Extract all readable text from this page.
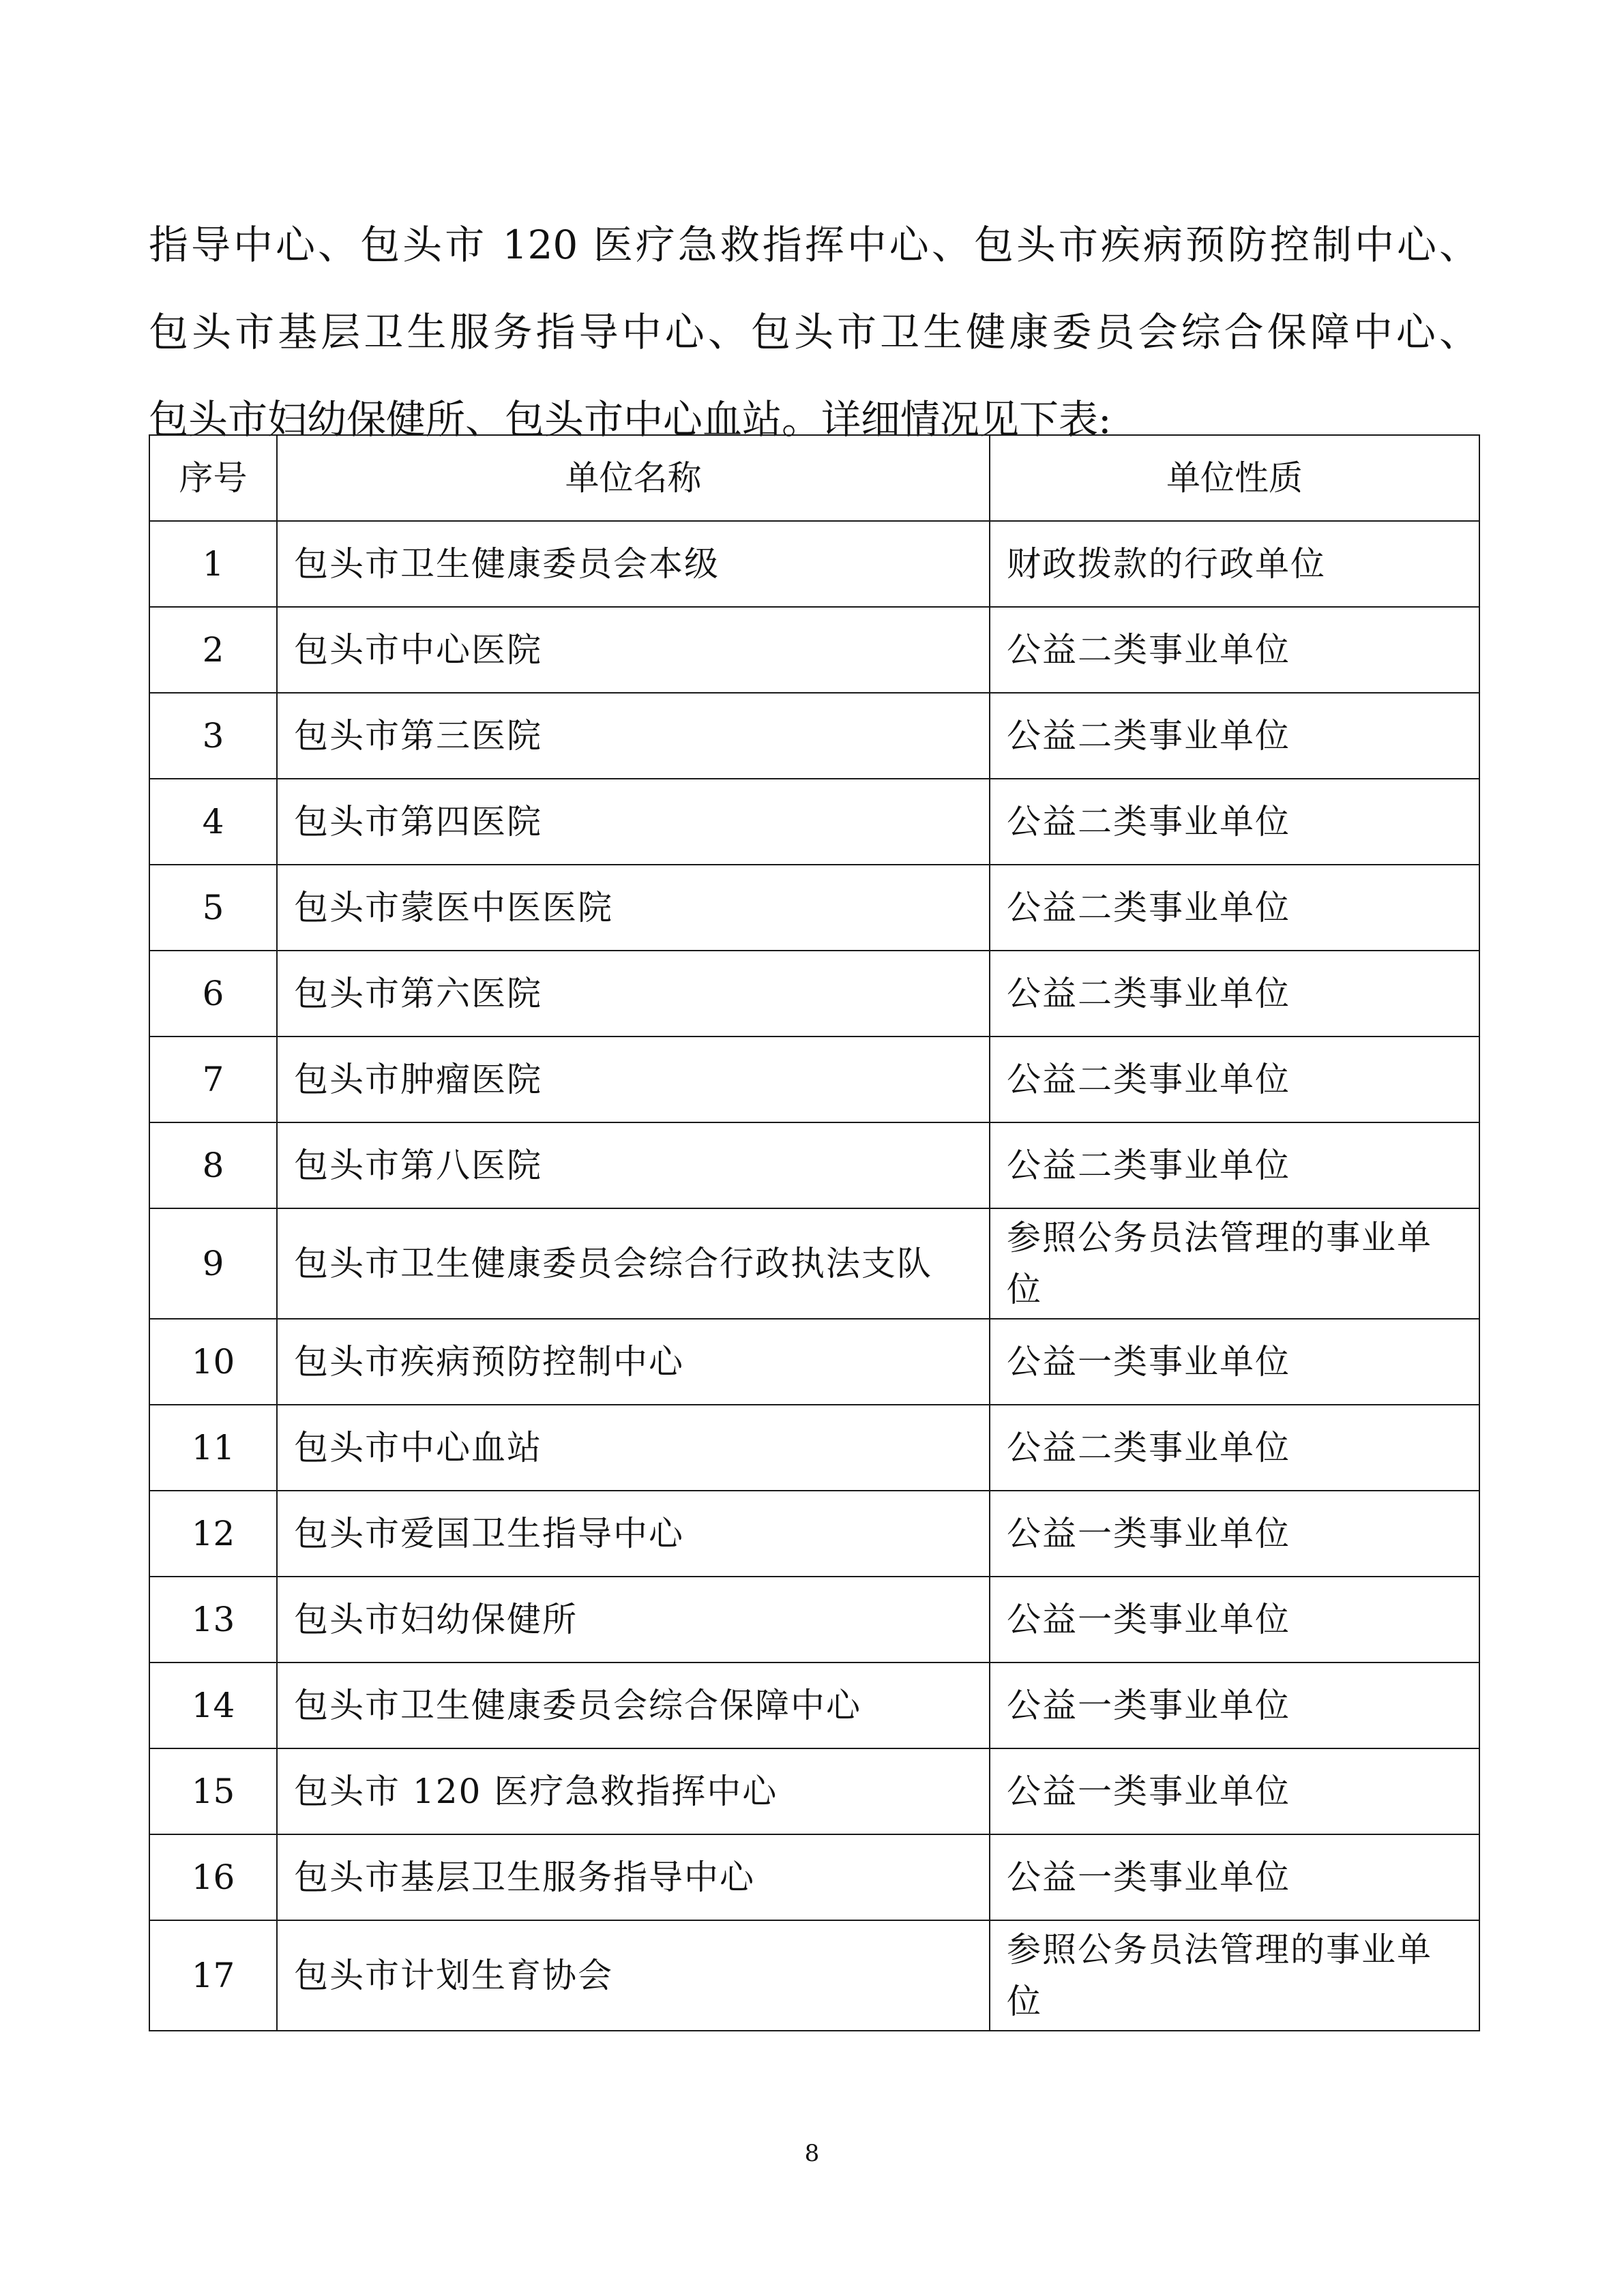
指导中心、包头市 120 医疗急救指挥中心、包头市疾病预防控制中心、
包头市基层卫生服务指导中心、包头市卫生健康委员会综合保障中心、
包头市妇幼保健所、包头市中心血站。详细情况见下表:
序号	单位名称	单位性质
1	包头市卫生健康委员会本级	财政拨款的行政单位
2	包头市中心医院	公益二类事业单位
3	包头市第三医院	公益二类事业单位
4	包头市第四医院	公益二类事业单位
5	包头市蒙医中医医院	公益二类事业单位
6	包头市第六医院	公益二类事业单位
7	包头市肿瘤医院	公益二类事业单位
8	包头市第八医院	公益二类事业单位
9	包头市卫生健康委员会综合行政执法支队	参照公务员法管理的事业单位
10	包头市疾病预防控制中心	公益一类事业单位
11	包头市中心血站	公益二类事业单位
12	包头市爱国卫生指导中心	公益一类事业单位
13	包头市妇幼保健所	公益一类事业单位
14	包头市卫生健康委员会综合保障中心	公益一类事业单位
15	包头市 120 医疗急救指挥中心	公益一类事业单位
16	包头市基层卫生服务指导中心	公益一类事业单位
17	包头市计划生育协会	参照公务员法管理的事业单位
8
